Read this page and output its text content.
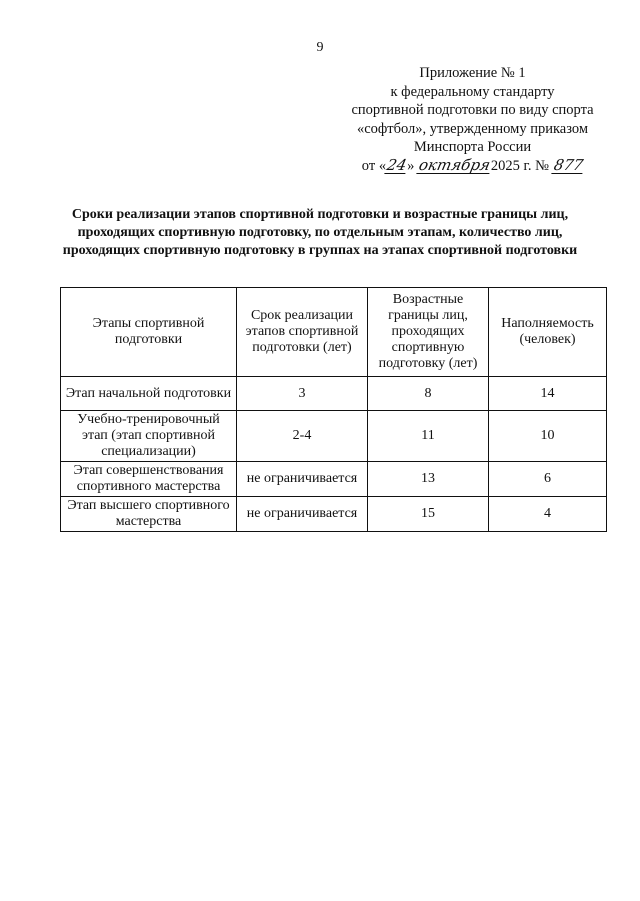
9
Приложение № 1
к федеральному стандарту
спортивной подготовки по виду спорта
«софтбол», утвержденному приказом
Минспорта России
от «24» октября2025 г. № 877
Сроки реализации этапов спортивной подготовки и возрастные границы лиц, проходящих спортивную подготовку, по отдельным этапам, количество лиц, проходящих спортивную подготовку в группах на этапах спортивной подготовки
Этапы спортивной подготовки	Срок реализации этапов спортивной подготовки (лет)	Возрастные границы лиц, проходящих спортивную подготовку (лет)	Наполняемость (человек)
Этап начальной подготовки	3	8	14
Учебно-тренировочный этап (этап спортивной специализации)	2-4	11	10
Этап совершенствования спортивного мастерства	не ограничивается	13	6
Этап высшего спортивного мастерства	не ограничивается	15	4
